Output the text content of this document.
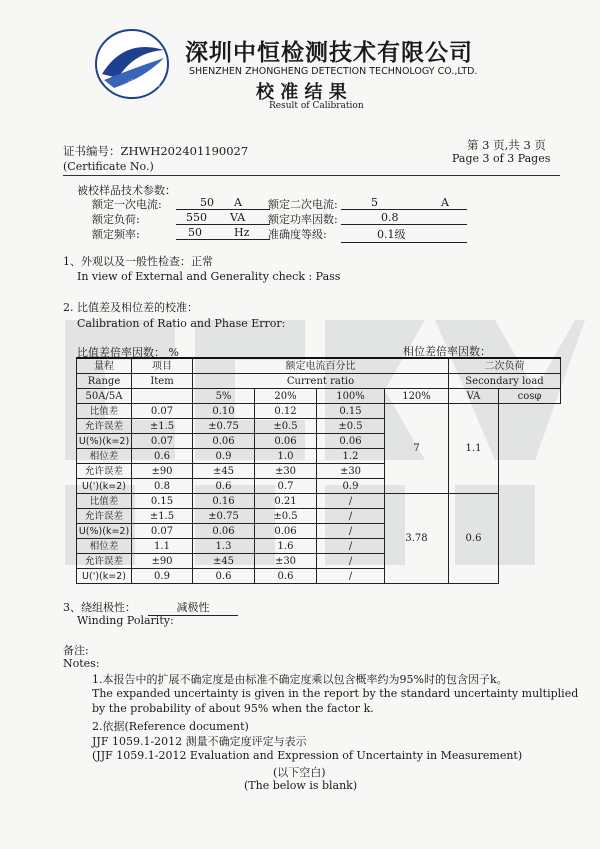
中恒检测
深圳中恒检测技术有限公司
SHENZHEN ZHONGHENG DETECTION TECHNOLOGY CO.,LTD.
校 准 结 果
Result of Calibration
证书编号：ZHWH202401190027
(Certificate No.)
第 3 页,共 3 页
Page 3 of 3 Pages
被校样品技术参数：
额定一次电流:	50 A 额定二次电流:	5	A
额定负荷:	550 VA 额定功率因数:	0.8
额定频率:	50	Hz 准确度等级:	0.1级
1、外观以及一般性检查：正常
In view of External and Generality check : Pass
2. 比值差及相位差的校准：
Calibration of Ratio and Phase Error:
比值差倍率因数： %	相位差倍率因数：
量程	项目	额定电流百分比				二次负荷	
Range	Item	Current ratio				Secondary load	
50A/5A		5%	20%	100%	120%	VA	cosφ
比值差	0.07	0.10	0.12	0.15	7	1.1	
允许误差	±1.5	±0.75	±0.5	±0.5			
U(%)(k=2)	0.07	0.06	0.06	0.06			
相位差	0.6	0.9	1.0	1.2			
允许误差	±90	±45	±30	±30			
U(')(k=2)	0.8	0.6	0.7	0.9			
比值差	0.15	0.16	0.21	/	3.78	0.6	
允许误差	±1.5	±0.75	±0.5	/			
U(%)(k=2)	0.07	0.06	0.06	/			
相位差	1.1	1.3	1.6	/			
允许误差	±90	±45	±30	/			
U(')(k=2)	0.9	0.6	0.6	/			
3、绕组极性：	减极性
Winding Polarity:
备注:
Notes:
1.本报告中的扩展不确定度是由标准不确定度乘以包含概率约为95%时的包含因子k。
The expanded uncertainty is given in the report by the standard uncertainty multiplied
by the probability of about 95% when the factor k.
2.依据(Reference document)
JJF 1059.1-2012 测量不确定度评定与表示
(JJF 1059.1-2012 Evaluation and Expression of Uncertainty in Measurement)
(以下空白)
(The below is blank)
